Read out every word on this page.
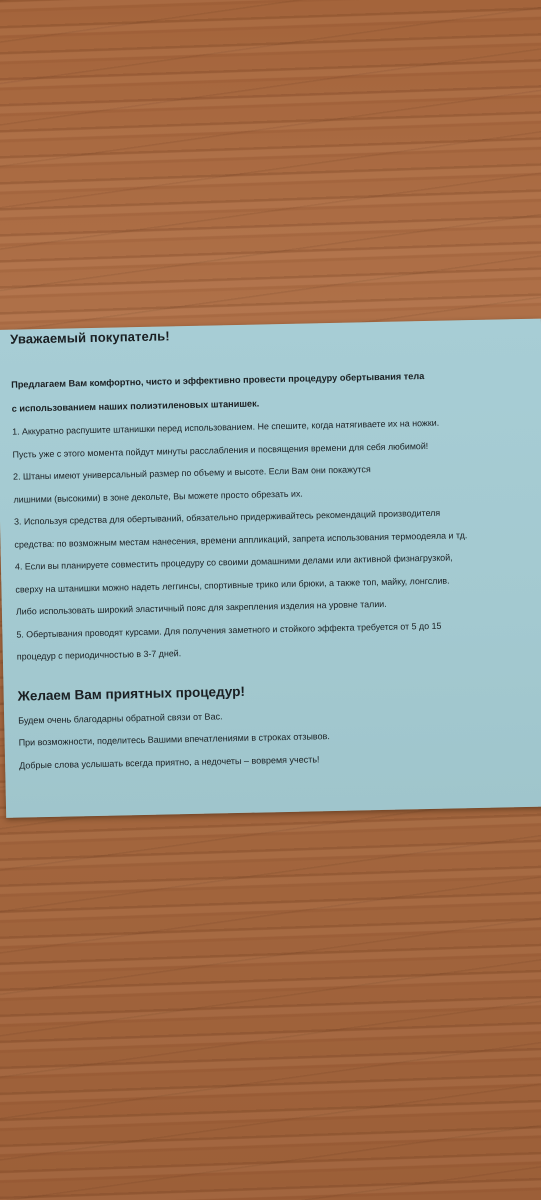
Уважаемый покупатель!

Предлагаем Вам комфортно, чисто и эффективно провести процедуру обертывания тела
с использованием наших полиэтиленовых штанишек.
1. Аккуратно распушите штанишки перед использованием. Не спешите, когда натягиваете их на ножки.
Пусть уже с этого момента пойдут минуты расслабления и посвящения времени для себя любимой!
2. Штаны имеют универсальный размер по объему и высоте. Если Вам они покажутся
лишними (высокими) в зоне декольте, Вы можете просто обрезать их.
3. Используя средства для обертываний, обязательно придерживайтесь рекомендаций производителя
средства: по возможным местам нанесения, времени аппликаций, запрета использования термоодеяла и тд.
4. Если вы планируете совместить процедуру со своими домашними делами или активной физнагрузкой,
сверху на штанишки можно надеть леггинсы, спортивные трико или брюки, а также топ, майку, лонгслив.
Либо использовать широкий эластичный пояс для закрепления изделия на уровне талии.
5. Обертывания проводят курсами. Для получения заметного и стойкого эффекта требуется от 5 до 15
процедур с периодичностью в 3-7 дней.

Желаем Вам приятных процедур!

Будем очень благодарны обратной связи от Вас.
При возможности, поделитесь Вашими впечатлениями в строках отзывов.
Добрые слова услышать всегда приятно, а недочеты – вовремя учесть!
